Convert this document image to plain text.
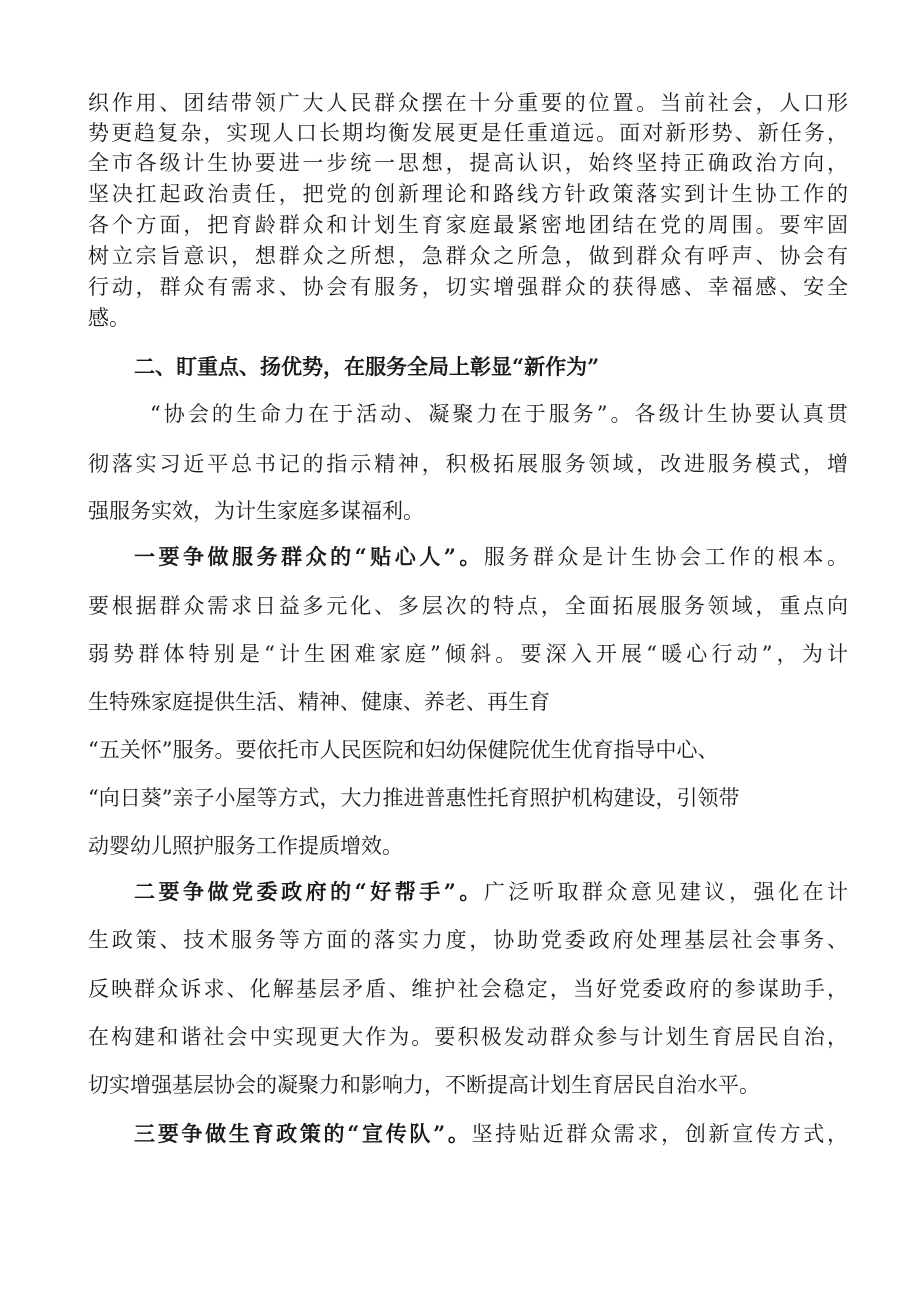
织作用、团结带领广大人民群众摆在十分重要的位置。当前社会，人口形
势更趋复杂，实现人口长期均衡发展更是任重道远。面对新形势、新任务，
全市各级计生协要进一步统一思想，提高认识，始终坚持正确政治方向，
坚决扛起政治责任，把党的创新理论和路线方针政策落实到计生协工作的
各个方面，把育龄群众和计划生育家庭最紧密地团结在党的周围。要牢固
树立宗旨意识，想群众之所想，急群众之所急，做到群众有呼声、协会有
行动，群众有需求、协会有服务，切实增强群众的获得感、幸福感、安全
感。
二、盯重点、扬优势，在服务全局上彰显“新作为”
“协会的生命力在于活动、凝聚力在于服务”。各级计生协要认真贯
彻落实习近平总书记的指示精神，积极拓展服务领域，改进服务模式，增
强服务实效，为计生家庭多谋福利。
一要争做服务群众的“贴心人”。服务群众是计生协会工作的根本。
要根据群众需求日益多元化、多层次的特点，全面拓展服务领域，重点向
弱势群体特别是“计生困难家庭”倾斜。要深入开展“暖心行动”，为计
生特殊家庭提供生活、精神、健康、养老、再生育
“五关怀”服务。要依托市人民医院和妇幼保健院优生优育指导中心、
“向日葵”亲子小屋等方式，大力推进普惠性托育照护机构建设，引领带
动婴幼儿照护服务工作提质增效。
二要争做党委政府的“好帮手”。广泛听取群众意见建议，强化在计
生政策、技术服务等方面的落实力度，协助党委政府处理基层社会事务、
反映群众诉求、化解基层矛盾、维护社会稳定，当好党委政府的参谋助手，
在构建和谐社会中实现更大作为。要积极发动群众参与计划生育居民自治，
切实增强基层协会的凝聚力和影响力，不断提高计划生育居民自治水平。
三要争做生育政策的“宣传队”。坚持贴近群众需求，创新宣传方式，
